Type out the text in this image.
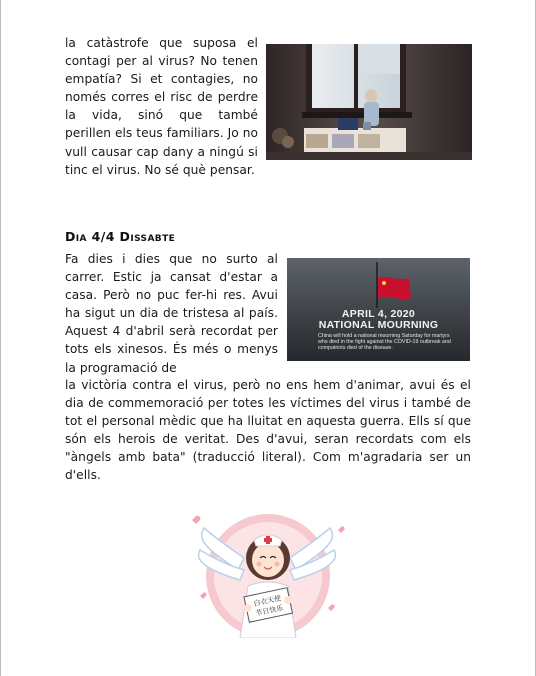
la catàstrofe que suposa el contagi per al virus? No tenen empatía? Si et contagies, no només corres el risc de perdre la vida, sinó que també perillen els teus familiars. Jo no vull causar cap dany a ningú si tinc el virus. No sé què pensar.

Dia 4/4 Dissabte

Fa dies i dies que no surto al carrer. Estic ja cansat d'estar a casa. Però no puc fer-hi res. Avui ha sigut un dia de tristesa al país. Aquest 4 d'abril serà recordat per tots els xinesos. És més o menys la programació de

APRIL 4, 2020
NATIONAL MOURNING
China will hold a national mourning Saturday for martyrs who died in the fight against the COVID-19 outbreak and compatriots died of the disease.

la victòria contra el virus, però no ens hem d'animar, avui és el dia de commemoració per totes les víctimes del virus i també de tot el personal mèdic que ha lluitat en aquesta guerra. Ells sí que són els herois de veritat. Des d'avui, seran recordats com els "àngels amb bata" (traducció literal). Com m'agradaria ser un d'ells.

白衣天使
节日快乐
